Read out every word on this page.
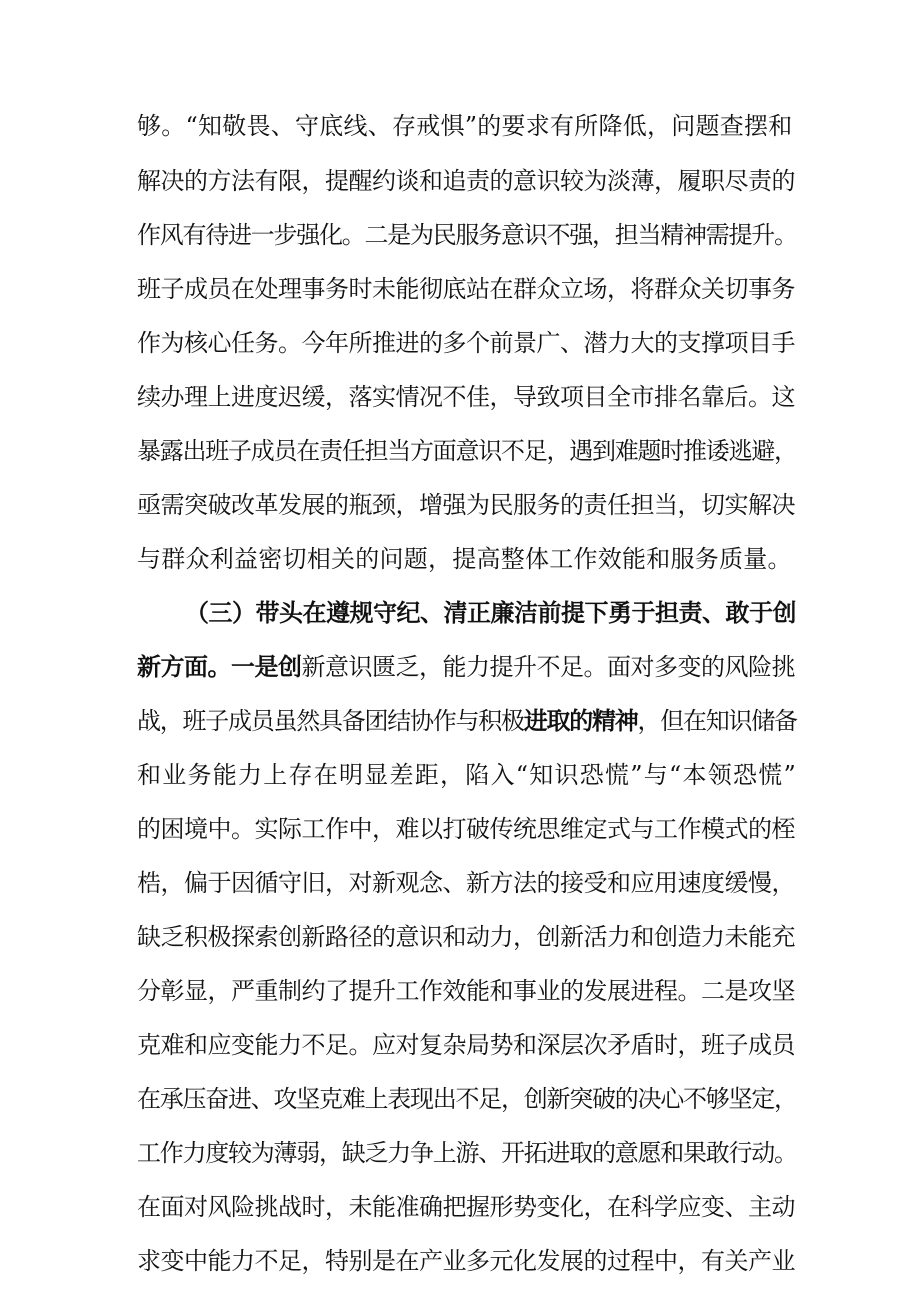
够。“知敬畏、守底线、存戒惧”的要求有所降低，问题查摆和
解决的方法有限，提醒约谈和追责的意识较为淡薄，履职尽责的
作风有待进一步强化。二是为民服务意识不强，担当精神需提升。
班子成员在处理事务时未能彻底站在群众立场，将群众关切事务
作为核心任务。今年所推进的多个前景广、潜力大的支撑项目手
续办理上进度迟缓，落实情况不佳，导致项目全市排名靠后。这
暴露出班子成员在责任担当方面意识不足，遇到难题时推诿逃避，
亟需突破改革发展的瓶颈，增强为民服务的责任担当，切实解决
与群众利益密切相关的问题，提高整体工作效能和服务质量。
（三）带头在遵规守纪、清正廉洁前提下勇于担责、敢于创
新方面。一是创新意识匮乏，能力提升不足。面对多变的风险挑
战，班子成员虽然具备团结协作与积极进取的精神，但在知识储备
和业务能力上存在明显差距，陷入“知识恐慌”与“本领恐慌”
的困境中。实际工作中，难以打破传统思维定式与工作模式的桎
梏，偏于因循守旧，对新观念、新方法的接受和应用速度缓慢，
缺乏积极探索创新路径的意识和动力，创新活力和创造力未能充
分彰显，严重制约了提升工作效能和事业的发展进程。二是攻坚
克难和应变能力不足。应对复杂局势和深层次矛盾时，班子成员
在承压奋进、攻坚克难上表现出不足，创新突破的决心不够坚定，
工作力度较为薄弱，缺乏力争上游、开拓进取的意愿和果敢行动。
在面对风险挑战时，未能准确把握形势变化，在科学应变、主动
求变中能力不足，特别是在产业多元化发展的过程中，有关产业
